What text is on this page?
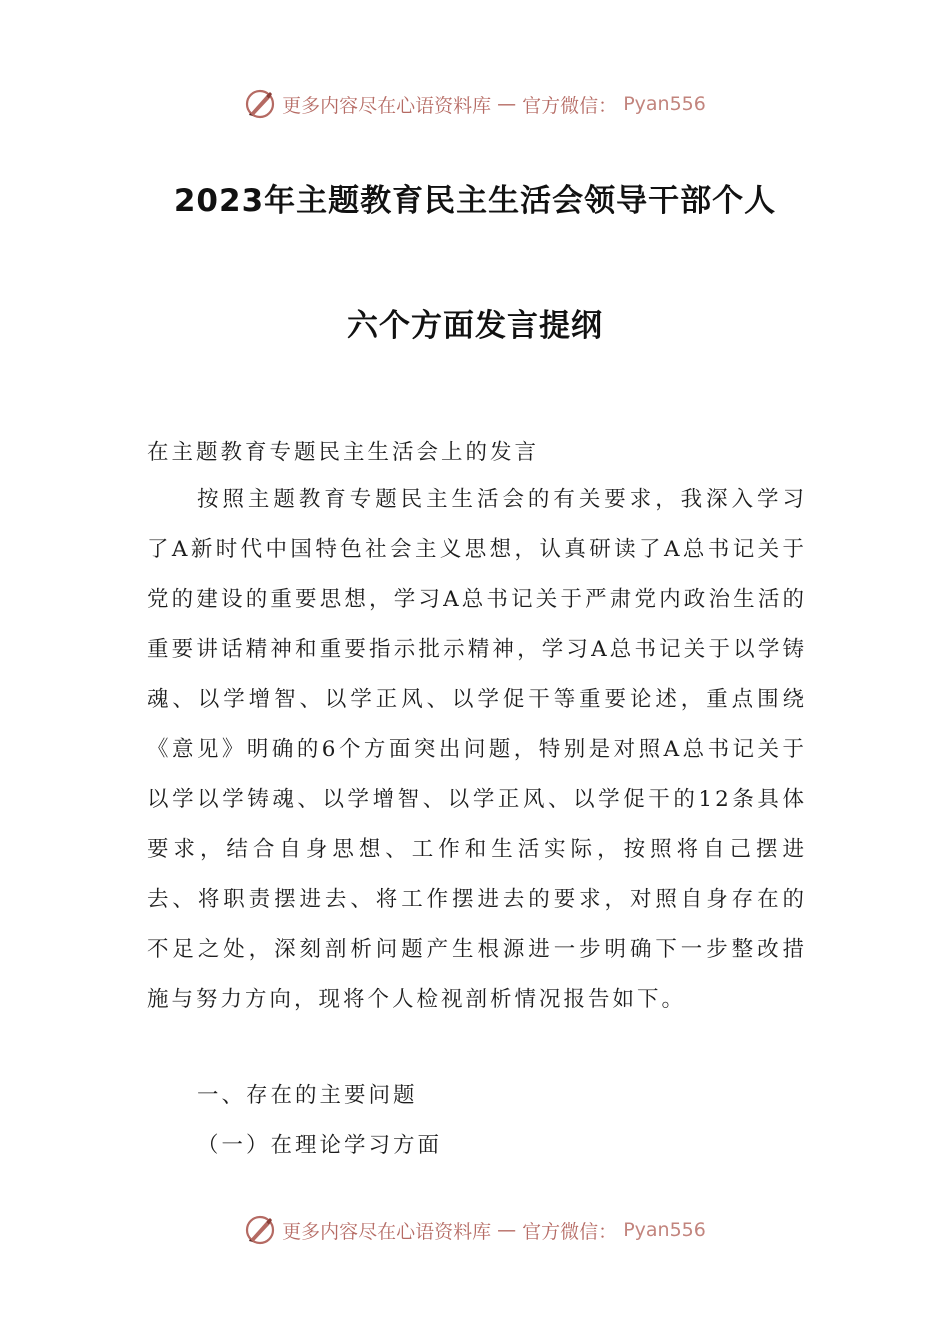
更多内容尽在心语资料库 — 官方微信： Pyan556
2023年主题教育民主生活会领导干部个人
六个方面发言提纲
在主题教育专题民主生活会上的发言
按照主题教育专题民主生活会的有关要求，我深入学习了A新时代中国特色社会主义思想，认真研读了A总书记关于党的建设的重要思想，学习A总书记关于严肃党内政治生活的重要讲话精神和重要指示批示精神，学习A总书记关于以学铸魂、以学增智、以学正风、以学促干等重要论述，重点围绕《意见》明确的6个方面突出问题，特别是对照A总书记关于以学以学铸魂、以学增智、以学正风、以学促干的12条具体要求，结合自身思想、工作和生活实际，按照将自己摆进去、将职责摆进去、将工作摆进去的要求，对照自身存在的不足之处，深刻剖析问题产生根源进一步明确下一步整改措施与努力方向，现将个人检视剖析情况报告如下。
一、存在的主要问题
（一）在理论学习方面
更多内容尽在心语资料库 — 官方微信： Pyan556
